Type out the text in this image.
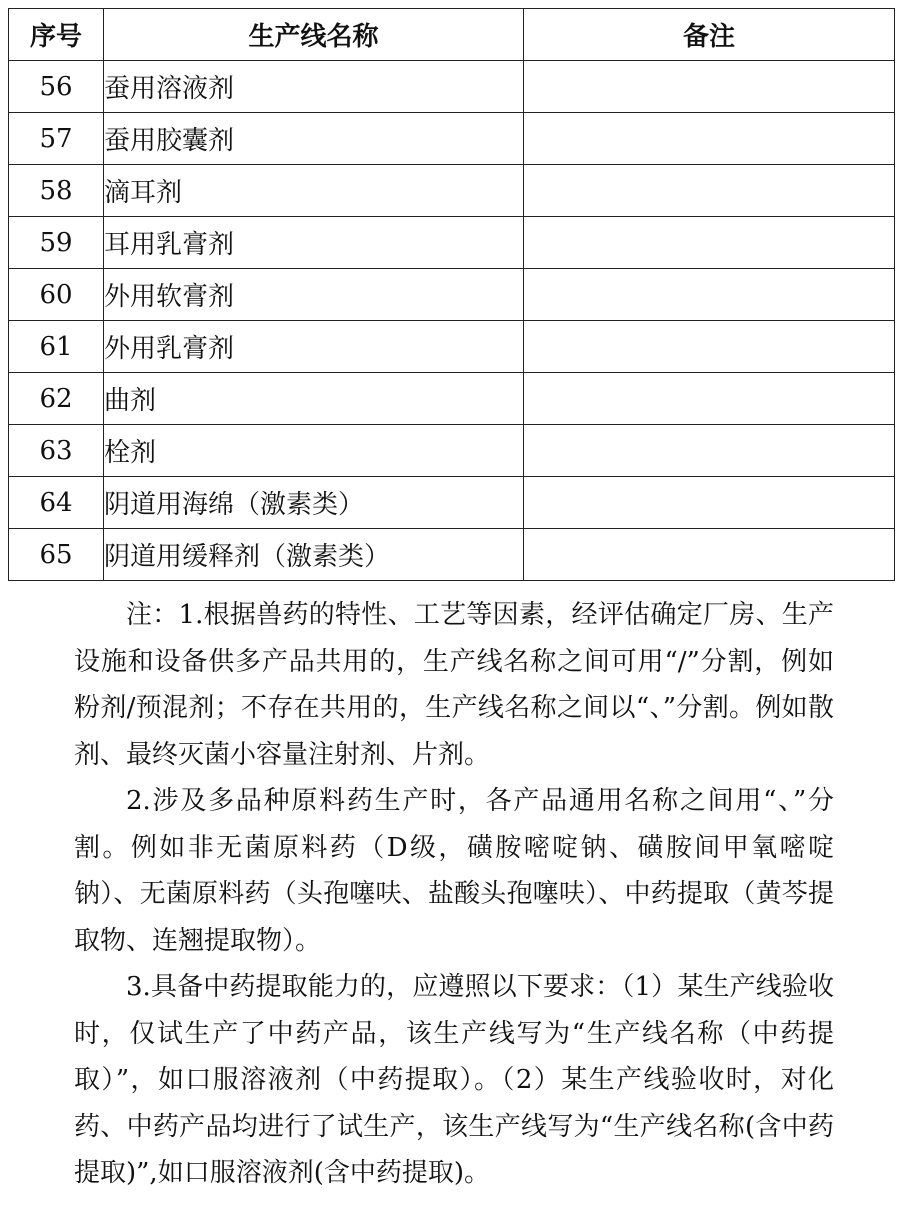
序号	生产线名称	备注
56	蚕用溶液剂	
57	蚕用胶囊剂	
58	滴耳剂	
59	耳用乳膏剂	
60	外用软膏剂	
61	外用乳膏剂	
62	曲剂	
63	栓剂	
64	阴道用海绵（激素类）	
65	阴道用缓释剂（激素类）	

注：1.根据兽药的特性、工艺等因素，经评估确定厂房、生产设施和设备供多产品共用的，生产线名称之间可用“/”分割，例如粉剂/预混剂；不存在共用的，生产线名称之间以“、”分割。例如散剂、最终灭菌小容量注射剂、片剂。

2.涉及多品种原料药生产时，各产品通用名称之间用“、”分割。例如非无菌原料药（D级，磺胺嘧啶钠、磺胺间甲氧嘧啶钠）、无菌原料药（头孢噻呋、盐酸头孢噻呋）、中药提取（黄芩提取物、连翘提取物）。

3.具备中药提取能力的，应遵照以下要求：（1）某生产线验收时，仅试生产了中药产品，该生产线写为“生产线名称（中药提取）”，如口服溶液剂（中药提取）。（2）某生产线验收时，对化药、中药产品均进行了试生产，该生产线写为“生产线名称(含中药提取)”,如口服溶液剂(含中药提取)。
